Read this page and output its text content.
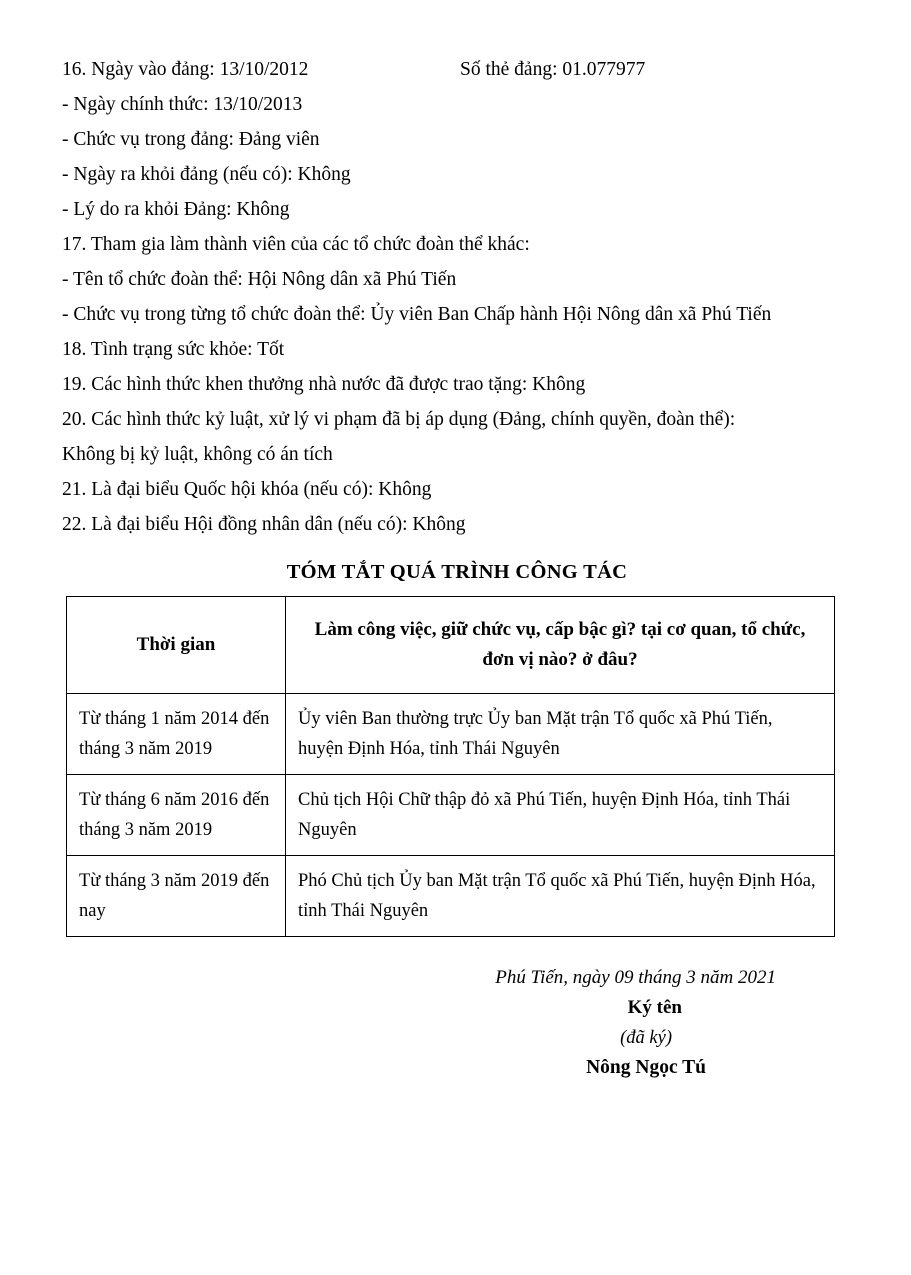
16. Ngày vào đảng: 13/10/2012	Số thẻ đảng: 01.077977
- Ngày chính thức: 13/10/2013
- Chức vụ trong đảng: Đảng viên
- Ngày ra khỏi đảng (nếu có): Không
- Lý do ra khỏi Đảng: Không
17. Tham gia làm thành viên của các tổ chức đoàn thể khác:
- Tên tổ chức đoàn thể: Hội Nông dân xã Phú Tiến
- Chức vụ trong từng tổ chức đoàn thể: Ủy viên Ban Chấp hành Hội Nông dân xã Phú Tiến
18. Tình trạng sức khỏe: Tốt
19. Các hình thức khen thưởng nhà nước đã được trao tặng: Không
20. Các hình thức kỷ luật, xử lý vi phạm đã bị áp dụng (Đảng, chính quyền, đoàn thể):
Không bị kỷ luật, không có án tích
21. Là đại biểu Quốc hội khóa (nếu có): Không
22. Là đại biểu Hội đồng nhân dân (nếu có): Không
TÓM TẮT QUÁ TRÌNH CÔNG TÁC
Thời gian	Làm công việc, giữ chức vụ, cấp bậc gì? tại cơ quan, tổ chức, đơn vị nào? ở đâu?
Từ tháng 1 năm 2014 đến tháng 3 năm 2019	Ủy viên Ban thường trực Ủy ban Mặt trận Tổ quốc xã Phú Tiến, huyện Định Hóa, tỉnh Thái Nguyên
Từ tháng 6 năm 2016 đến tháng 3 năm 2019	Chủ tịch Hội Chữ thập đỏ xã Phú Tiến, huyện Định Hóa, tỉnh Thái Nguyên
Từ tháng 3 năm 2019 đến nay	Phó Chủ tịch Ủy ban Mặt trận Tổ quốc xã Phú Tiến, huyện Định Hóa, tỉnh Thái Nguyên
Phú Tiến, ngày 09 tháng 3 năm 2021
Ký tên
(đã ký)
Nông Ngọc Tú
